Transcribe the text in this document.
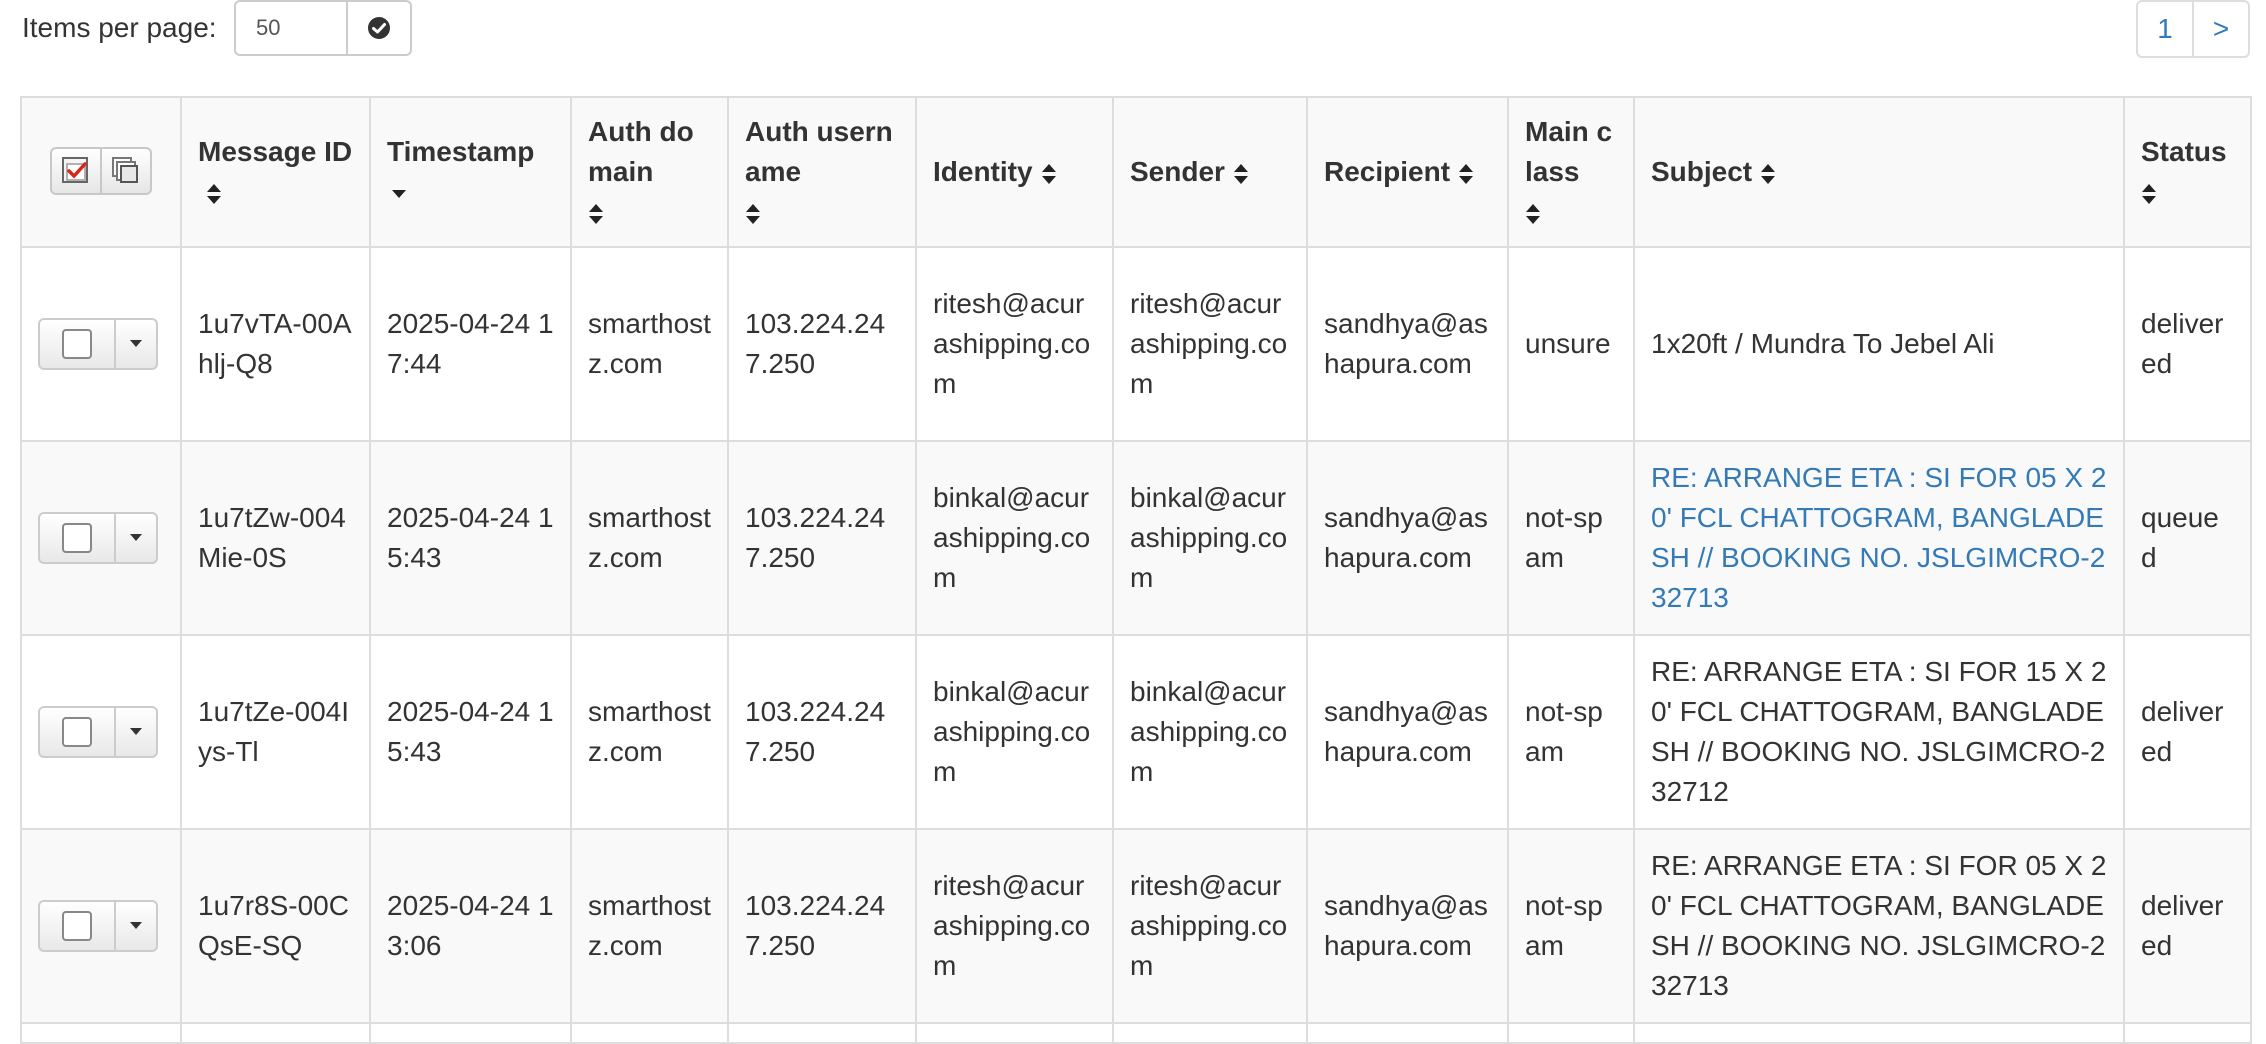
Items per page:
50	1	>
	Message ID	Timestamp	Auth domain	Auth username	Identity	Sender	Recipient	Main class	Subject	Status

	1u7vTA-00Ahlj-Q8	2025-04-24 17:44	smarthostz.com	103.224.247.250	ritesh@acurashipping.com	ritesh@acurashipping.com	sandhya@ashapura.com	unsure	1x20ft / Mundra To Jebel Ali	delivered

	1u7tZw-004Mie-0S	2025-04-24 15:43	smarthostz.com	103.224.247.250	binkal@acurashipping.com	binkal@acurashipping.com	sandhya@ashapura.com	not-spam	RE: ARRANGE ETA : SI FOR 05 X 20' FCL CHATTOGRAM, BANGLADESH // BOOKING NO. JSLGIMCRO-232713	queued

	1u7tZe-004Iys-Tl	2025-04-24 15:43	smarthostz.com	103.224.247.250	binkal@acurashipping.com	binkal@acurashipping.com	sandhya@ashapura.com	not-spam	RE: ARRANGE ETA : SI FOR 15 X 20' FCL CHATTOGRAM, BANGLADESH // BOOKING NO. JSLGIMCRO-232712	delivered

	1u7r8S-00CQsE-SQ	2025-04-24 13:06	smarthostz.com	103.224.247.250	ritesh@acurashipping.com	ritesh@acurashipping.com	sandhya@ashapura.com	not-spam	RE: ARRANGE ETA : SI FOR 05 X 20' FCL CHATTOGRAM, BANGLADESH // BOOKING NO. JSLGIMCRO-232713	delivered
